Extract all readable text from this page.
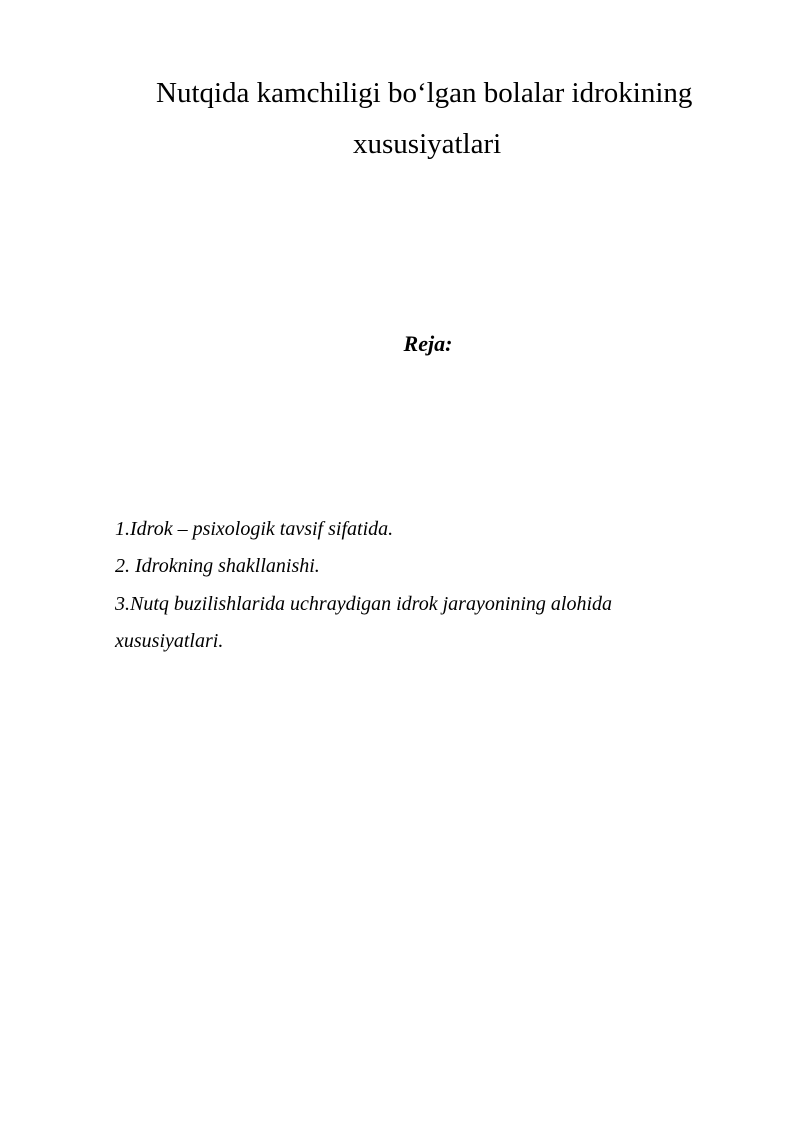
Nutqida kamchiligi bo‘lgan bolalar idrokining
xususiyatlari
Reja:
1.Idrok – psixologik tavsif sifatida.
2. Idrokning shakllanishi.
3.Nutq buzilishlarida uchraydigan idrok jarayonining alohida
xususiyatlari.
